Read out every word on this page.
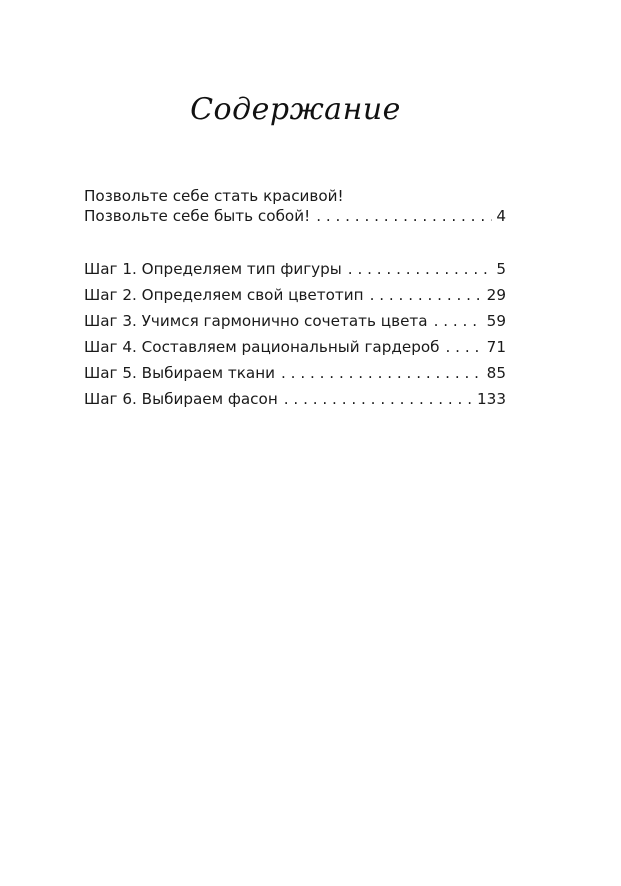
Содержание
Позвольте себе стать красивой!
Позвольте себе быть собой! . . .	4
Шаг 1. Определяем тип фигуры . . .	5
Шаг 2. Определяем свой цветотип . . .	29
Шаг 3. Учимся гармонично сочетать цвета . . .	59
Шаг 4. Составляем рациональный гардероб . . .	71
Шаг 5. Выбираем ткани . . .	85
Шаг 6. Выбираем фасон . . .	133
